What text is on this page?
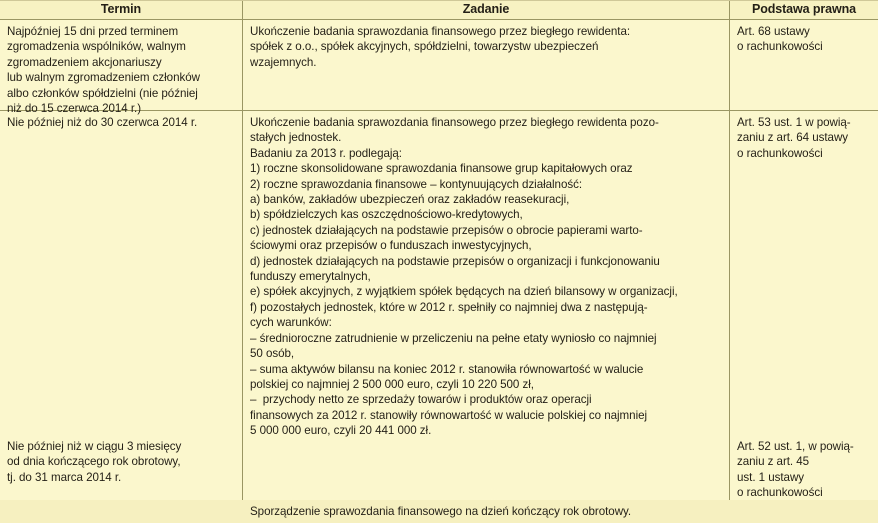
Termin	Zadanie	Podstawa prawna
Najpóźniej 15 dni przed terminem
zgromadzenia wspólników, walnym
zgromadzeniem akcjonariuszy
lub walnym zgromadzeniem członków
albo członków spółdzielni (nie później
niż do 15 czerwca 2014 r.)
Nie później niż do 30 czerwca 2014 r.
Nie później niż w ciągu 3 miesięcy
od dnia kończącego rok obrotowy,
tj. do 31 marca 2014 r.
Ukończenie badania sprawozdania finansowego przez biegłego rewidenta:
spółek z o.o., spółek akcyjnych, spółdzielni, towarzystw ubezpieczeń
wzajemnych.
Ukończenie badania sprawozdania finansowego przez biegłego rewidenta pozo-
stałych jednostek.
Badaniu za 2013 r. podlegają:
1) roczne skonsolidowane sprawozdania finansowe grup kapitałowych oraz
2) roczne sprawozdania finansowe – kontynuujących działalność:
a) banków, zakładów ubezpieczeń oraz zakładów reasekuracji,
b) spółdzielczych kas oszczędnościowo-kredytowych,
c) jednostek działających na podstawie przepisów o obrocie papierami warto-
ściowymi oraz przepisów o funduszach inwestycyjnych,
d) jednostek działających na podstawie przepisów o organizacji i funkcjonowaniu
funduszy emerytalnych,
e) spółek akcyjnych, z wyjątkiem spółek będących na dzień bilansowy w organizacji,
f) pozostałych jednostek, które w 2012 r. spełniły co najmniej dwa z następują-
cych warunków:
– średnioroczne zatrudnienie w przeliczeniu na pełne etaty wyniosło co najmniej
50 osób,
– suma aktywów bilansu na koniec 2012 r. stanowiła równowartość w walucie
polskiej co najmniej 2 500 000 euro, czyli 10 220 500 zł,
–  przychody netto ze sprzedaży towarów i produktów oraz operacji
finansowych za 2012 r. stanowiły równowartość w walucie polskiej co najmniej
5 000 000 euro, czyli 20 441 000 zł.
Sporządzenie sprawozdania finansowego na dzień kończący rok obrotowy.
Art. 68 ustawy
o rachunkowości
Art. 53 ust. 1 w powią-
zaniu z art. 64 ustawy
o rachunkowości
Art. 52 ust. 1, w powią-
zaniu z art. 45
ust. 1 ustawy
o rachunkowości
